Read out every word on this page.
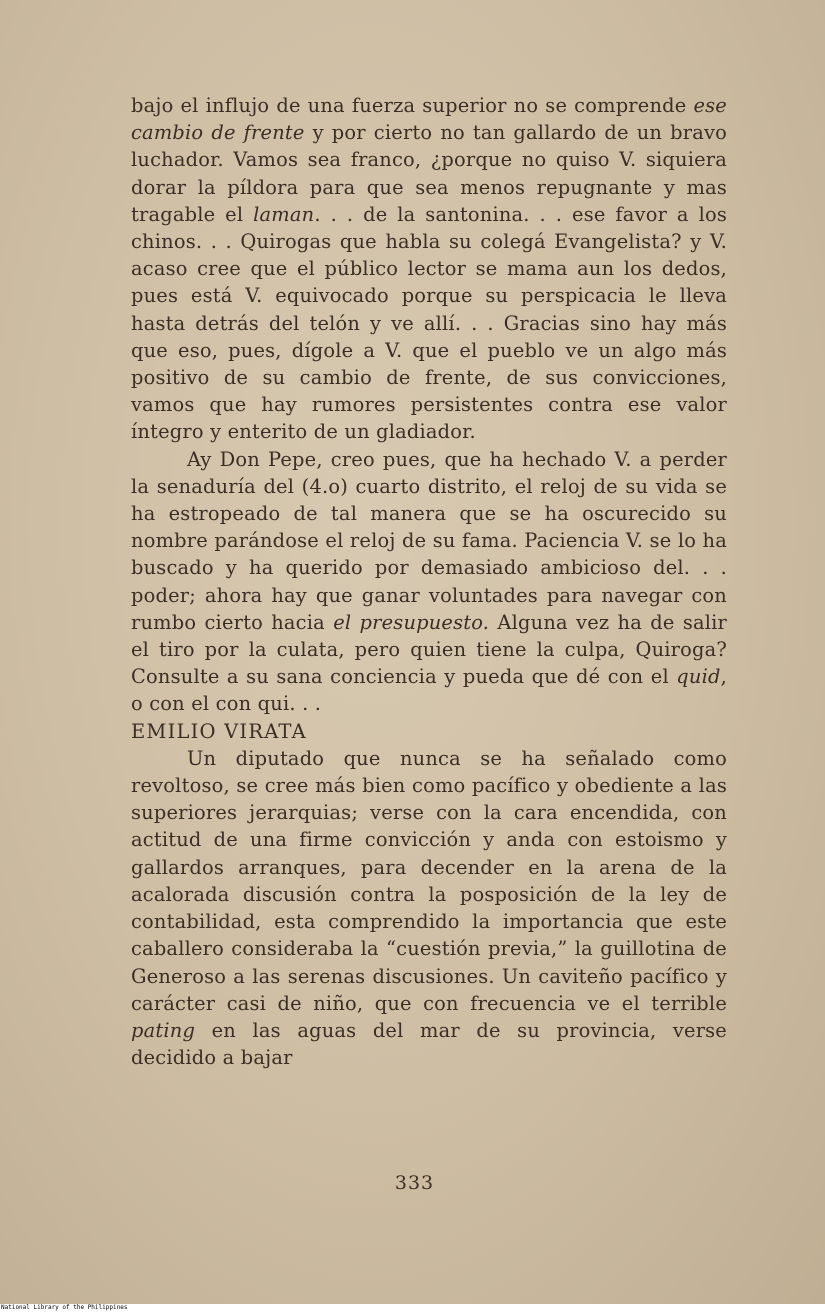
bajo el influjo de una fuerza superior no se comprende ese cambio de frente y por cierto no tan gallardo de un bravo luchador. Vamos sea franco, ¿porque no quiso V. siquiera dorar la píldora para que sea menos repugnante y mas tragable el laman. . . de la santonina. . . ese favor a los chinos. . . Quirogas que habla su colegá Evangelista? y V. acaso cree que el público lector se mama aun los dedos, pues está V. equivocado porque su perspicacia le lleva hasta detrás del telón y ve allí. . . Gracias sino hay más que eso, pues, dígole a V. que el pueblo ve un algo más positivo de su cambio de frente, de sus convicciones, vamos que hay rumores persistentes contra ese valor íntegro y enterito de un gladiador.

Ay Don Pepe, creo pues, que ha hechado V. a perder la senaduría del (4.o) cuarto distrito, el reloj de su vida se ha estropeado de tal manera que se ha oscurecido su nombre parándose el reloj de su fama. Paciencia V. se lo ha buscado y ha querido por demasiado ambicioso del. . . poder; ahora hay que ganar voluntades para navegar con rumbo cierto hacia el presupuesto. Alguna vez ha de salir el tiro por la culata, pero quien tiene la culpa, Quiroga? Consulte a su sana conciencia y pueda que dé con el quid, o con el con qui. . .

EMILIO VIRATA

Un diputado que nunca se ha señalado como revoltoso, se cree más bien como pacífico y obediente a las superiores jerarquias; verse con la cara encendida, con actitud de una firme convicción y anda con estoismo y gallardos arranques, para decender en la arena de la acalorada discusión contra la posposición de la ley de contabilidad, esta comprendido la importancia que este caballero consideraba la “cuestión previa,” la guillotina de Generoso a las serenas discusiones. Un caviteño pacífico y carácter casi de niño, que con frecuencia ve el terrible pating en las aguas del mar de su provincia, verse decidido a bajar

333
National Library of the Philippines
